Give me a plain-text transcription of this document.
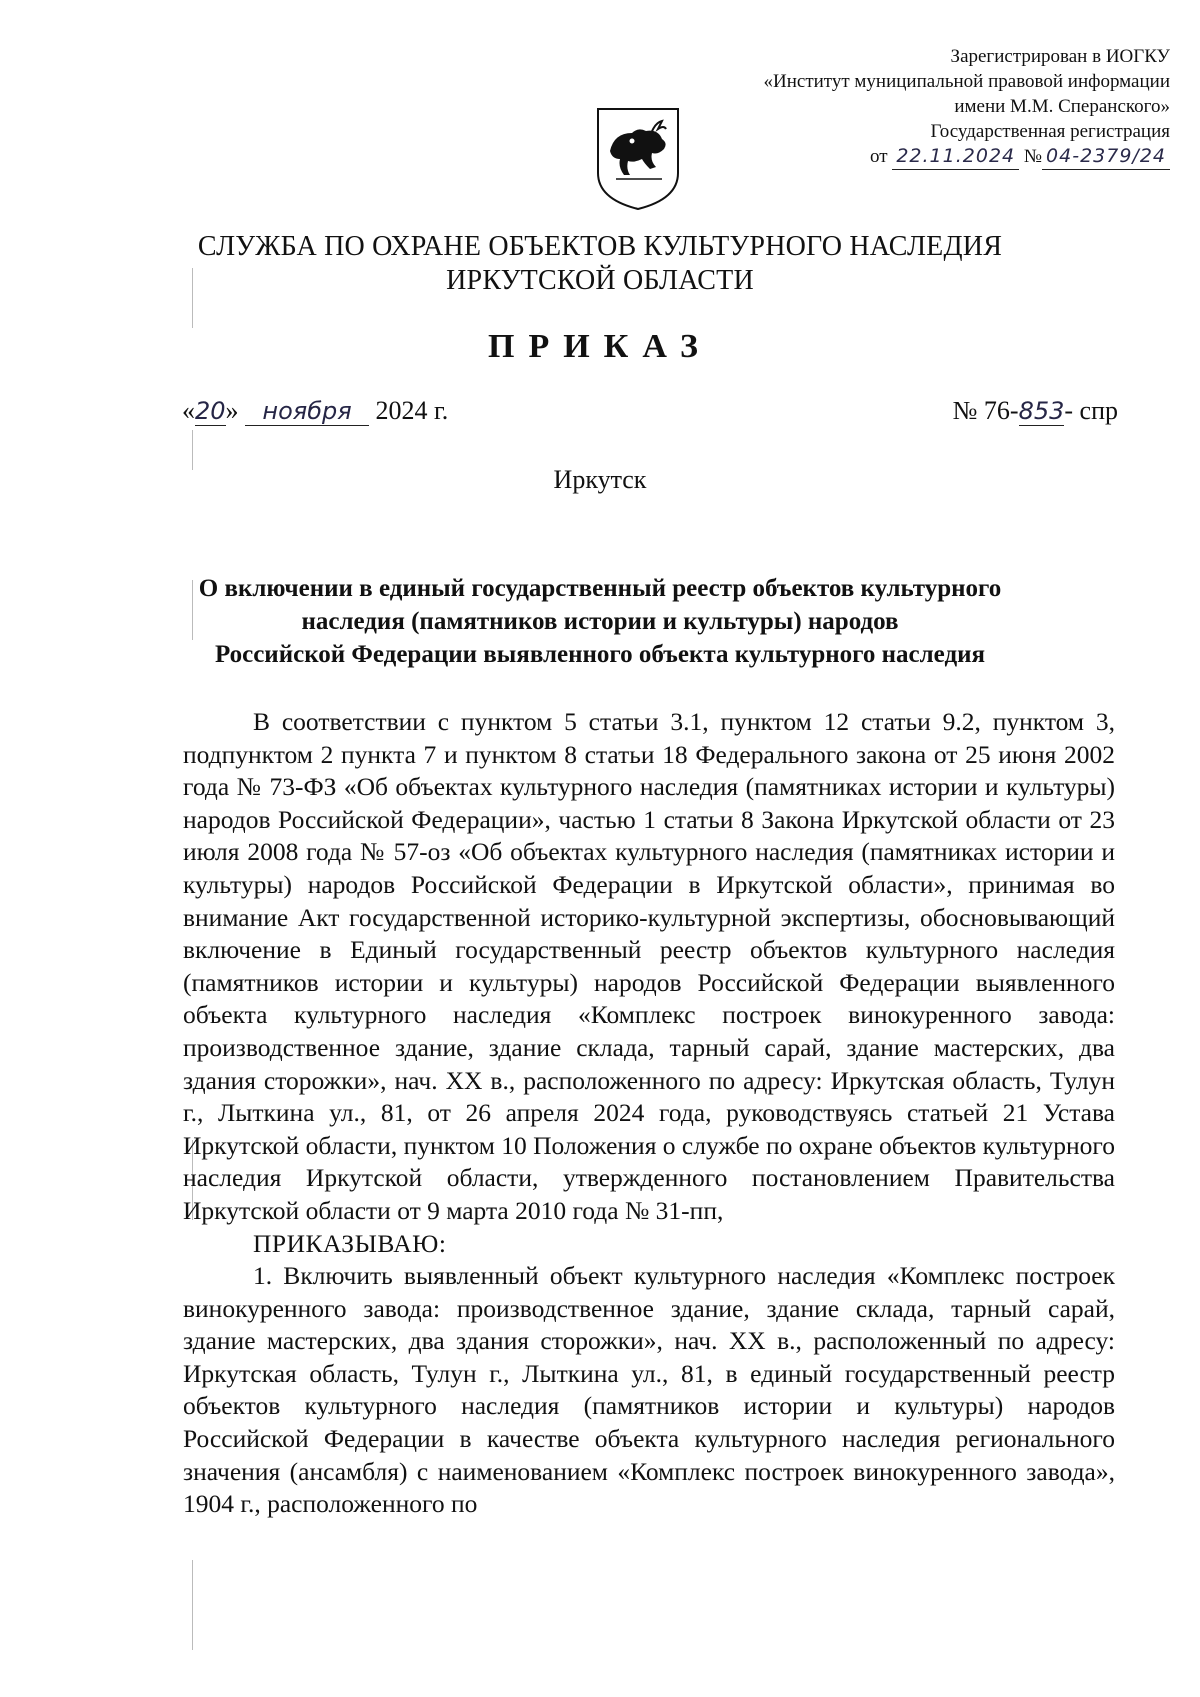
Зарегистрирован в ИОГКУ
«Институт муниципальной правовой информации
имени М.М. Сперанского»
Государственная регистрация
от 22.11.2024 № 04-2379/24
СЛУЖБА ПО ОХРАНЕ ОБЪЕКТОВ КУЛЬТУРНОГО НАСЛЕДИЯ
ИРКУТСКОЙ ОБЛАСТИ
ПРИКАЗ
«20» ноября 2024 г.	№ 76-853- спр
Иркутск
О включении в единый государственный реестр объектов культурного
наследия (памятников истории и культуры) народов
Российской Федерации выявленного объекта культурного наследия

В соответствии с пунктом 5 статьи 3.1, пунктом 12 статьи 9.2, пунктом 3, подпунктом 2 пункта 7 и пунктом 8 статьи 18 Федерального закона от 25 июня 2002 года № 73-ФЗ «Об объектах культурного наследия (памятниках истории и культуры) народов Российской Федерации», частью 1 статьи 8 Закона Иркутской области от 23 июля 2008 года № 57-оз «Об объектах культурного наследия (памятниках истории и культуры) народов Российской Федерации в Иркутской области», принимая во внимание Акт государственной историко-культурной экспертизы, обосновывающий включение в Единый государственный реестр объектов культурного наследия (памятников истории и культуры) народов Российской Федерации выявленного объекта культурного наследия «Комплекс построек винокуренного завода: производственное здание, здание склада, тарный сарай, здание мастерских, два здания сторожки», нач. XX в., расположенного по адресу: Иркутская область, Тулун г., Лыткина ул., 81, от 26 апреля 2024 года, руководствуясь статьей 21 Устава Иркутской области, пунктом 10 Положения о службе по охране объектов культурного наследия Иркутской области, утвержденного постановлением Правительства Иркутской области от 9 марта 2010 года № 31-пп,

ПРИКАЗЫВАЮ:

1. Включить выявленный объект культурного наследия «Комплекс построек винокуренного завода: производственное здание, здание склада, тарный сарай, здание мастерских, два здания сторожки», нач. XX в., расположенный по адресу: Иркутская область, Тулун г., Лыткина ул., 81, в единый государственный реестр объектов культурного наследия (памятников истории и культуры) народов Российской Федерации в качестве объекта культурного наследия регионального значения (ансамбля) с наименованием «Комплекс построек винокуренного завода», 1904 г., расположенного по
